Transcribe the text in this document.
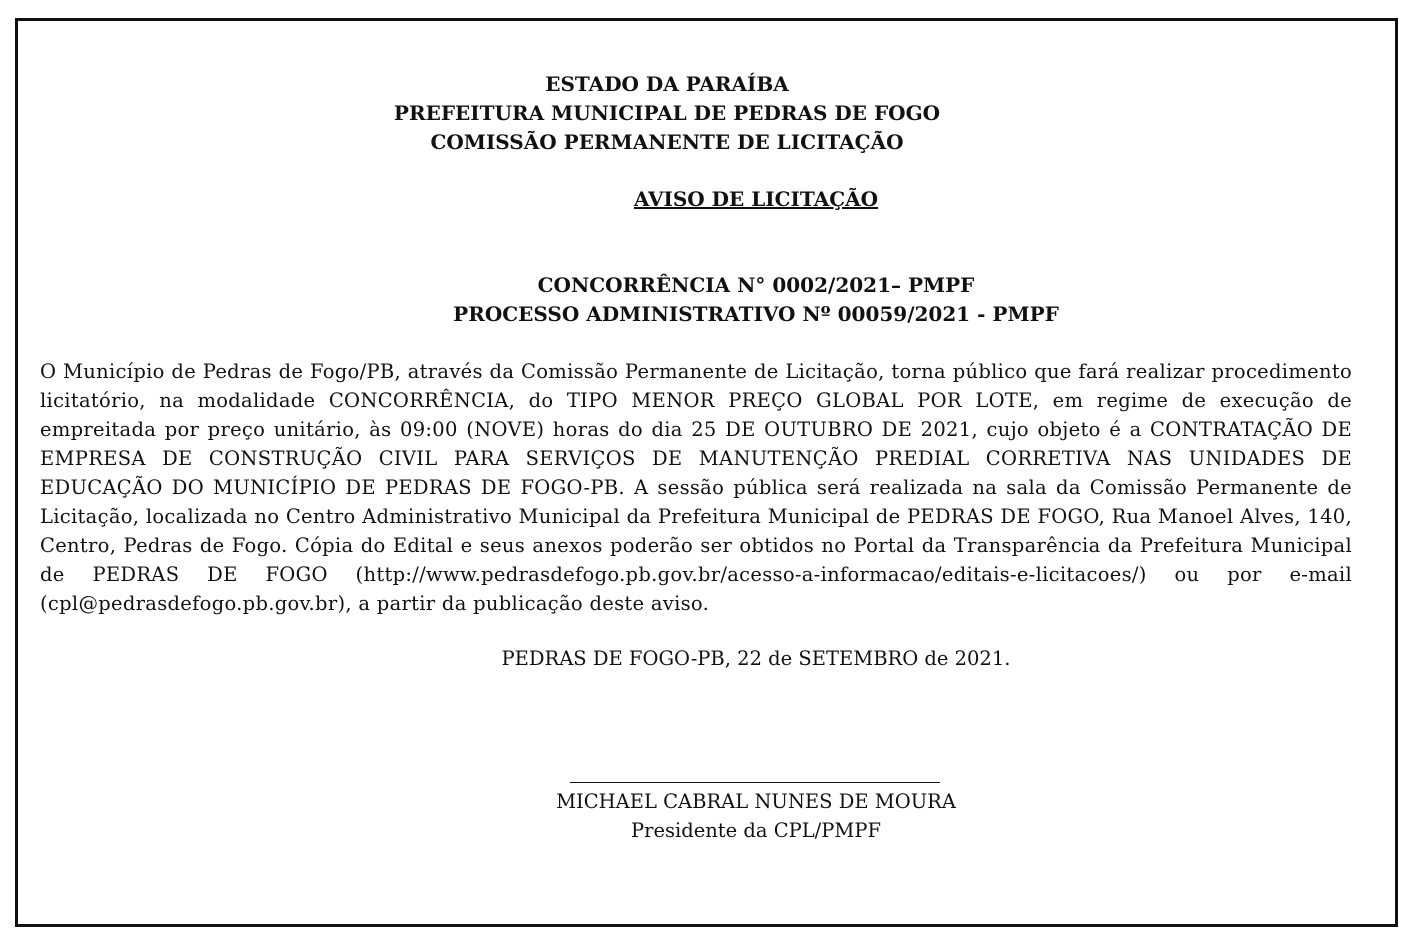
ESTADO DA PARAÍBA
PREFEITURA MUNICIPAL DE PEDRAS DE FOGO
COMISSÃO PERMANENTE DE LICITAÇÃO
AVISO DE LICITAÇÃO
CONCORRÊNCIA N° 0002/2021– PMPF
PROCESSO ADMINISTRATIVO Nº 00059/2021 - PMPF
O Município de Pedras de Fogo/PB, através da Comissão Permanente de Licitação, torna público que fará realizar procedimento licitatório, na modalidade CONCORRÊNCIA, do TIPO MENOR PREÇO GLOBAL POR LOTE, em regime de execução de empreitada por preço unitário, às 09:00 (NOVE) horas do dia 25 DE OUTUBRO DE 2021, cujo objeto é a CONTRATAÇÃO DE EMPRESA DE CONSTRUÇÃO CIVIL PARA SERVIÇOS DE MANUTENÇÃO PREDIAL CORRETIVA NAS UNIDADES DE EDUCAÇÃO DO MUNICÍPIO DE PEDRAS DE FOGO-PB. A sessão pública será realizada na sala da Comissão Permanente de Licitação, localizada no Centro Administrativo Municipal da Prefeitura Municipal de PEDRAS DE FOGO, Rua Manoel Alves, 140, Centro, Pedras de Fogo. Cópia do Edital e seus anexos poderão ser obtidos no Portal da Transparência da Prefeitura Municipal de PEDRAS DE FOGO (http://www.pedrasdefogo.pb.gov.br/acesso-a-informacao/editais-e-licitacoes/) ou por e-mail (cpl@pedrasdefogo.pb.gov.br), a partir da publicação deste aviso.
PEDRAS DE FOGO-PB, 22 de SETEMBRO de 2021.
MICHAEL CABRAL NUNES DE MOURA
Presidente da CPL/PMPF
